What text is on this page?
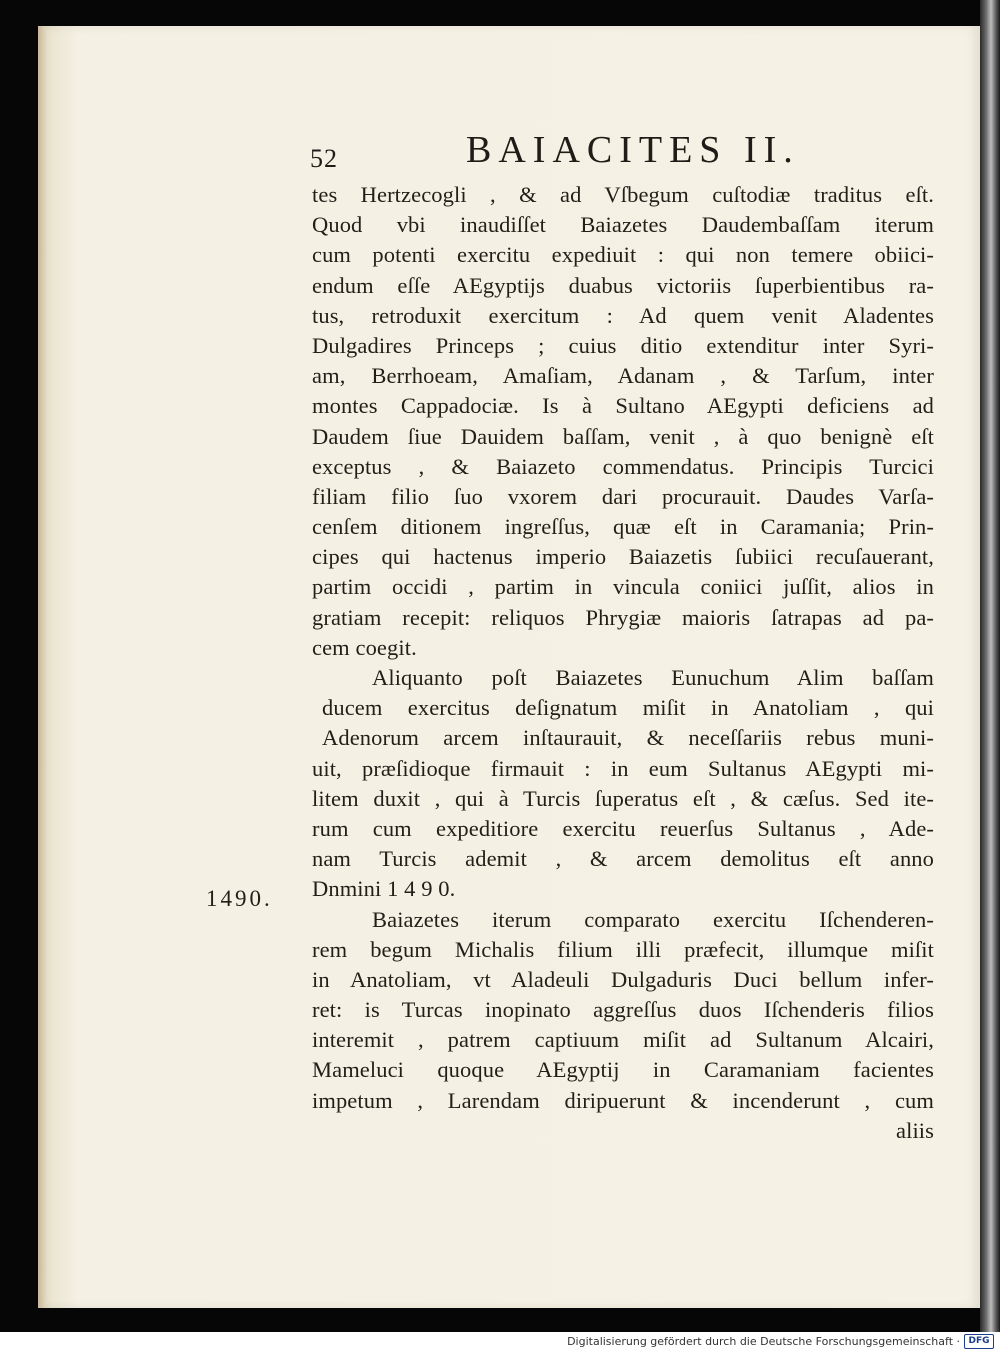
52	BAIACITES II.
1490.
tes Hertzecogli , & ad Vſbegum cuſtodiæ traditus eſt.
Quod vbi inaudiſſet Baiazetes Daudembaſſam iterum
cum potenti exercitu expediuit : qui non temere obiici-
endum eſſe AEgyptijs duabus victoriis ſuperbientibus ra-
tus, retroduxit exercitum : Ad quem venit Aladentes
Dulgadires Princeps ; cuius ditio extenditur inter Syri-
am, Berrhoeam, Amaſiam, Adanam , & Tarſum, inter
montes Cappadociæ. Is à Sultano AEgypti deficiens ad
Daudem ſiue Dauidem baſſam, venit , à quo benignè eſt
exceptus , & Baiazeto commendatus. Principis Turcici
filiam filio ſuo vxorem dari procurauit. Daudes Varſa-
cenſem ditionem ingreſſus, quæ eſt in Caramania; Prin-
cipes qui hactenus imperio Baiazetis ſubiici recuſauerant,
partim occidi , partim in vincula coniici juſſit, alios in
gratiam recepit: reliquos Phrygiæ maioris ſatrapas ad pa-
cem coegit.
Aliquanto poſt Baiazetes Eunuchum Alim baſſam
ducem exercitus deſignatum miſit in Anatoliam , qui
Adenorum arcem inſtaurauit, & neceſſariis rebus muni-
uit, præſidioque firmauit : in eum Sultanus AEgypti mi-
litem duxit , qui à Turcis ſuperatus eſt , & cæſus. Sed ite-
rum cum expeditiore exercitu reuerſus Sultanus , Ade-
nam Turcis ademit , & arcem demolitus eſt anno
Dnmini 1 4 9 0.
Baiazetes iterum comparato exercitu Iſchenderen-
rem begum Michalis filium illi præfecit, illumque miſit
in Anatoliam, vt Aladeuli Dulgaduris Duci bellum infer-
ret: is Turcas inopinato aggreſſus duos Iſchenderis filios
interemit , patrem captiuum miſit ad Sultanum Alcairi,
Mameluci quoque AEgyptij in Caramaniam facientes
impetum , Larendam diripuerunt & incenderunt , cum
aliis
Digitalisierung gefördert durch die Deutsche Forschungsgemeinschaft · DFG
